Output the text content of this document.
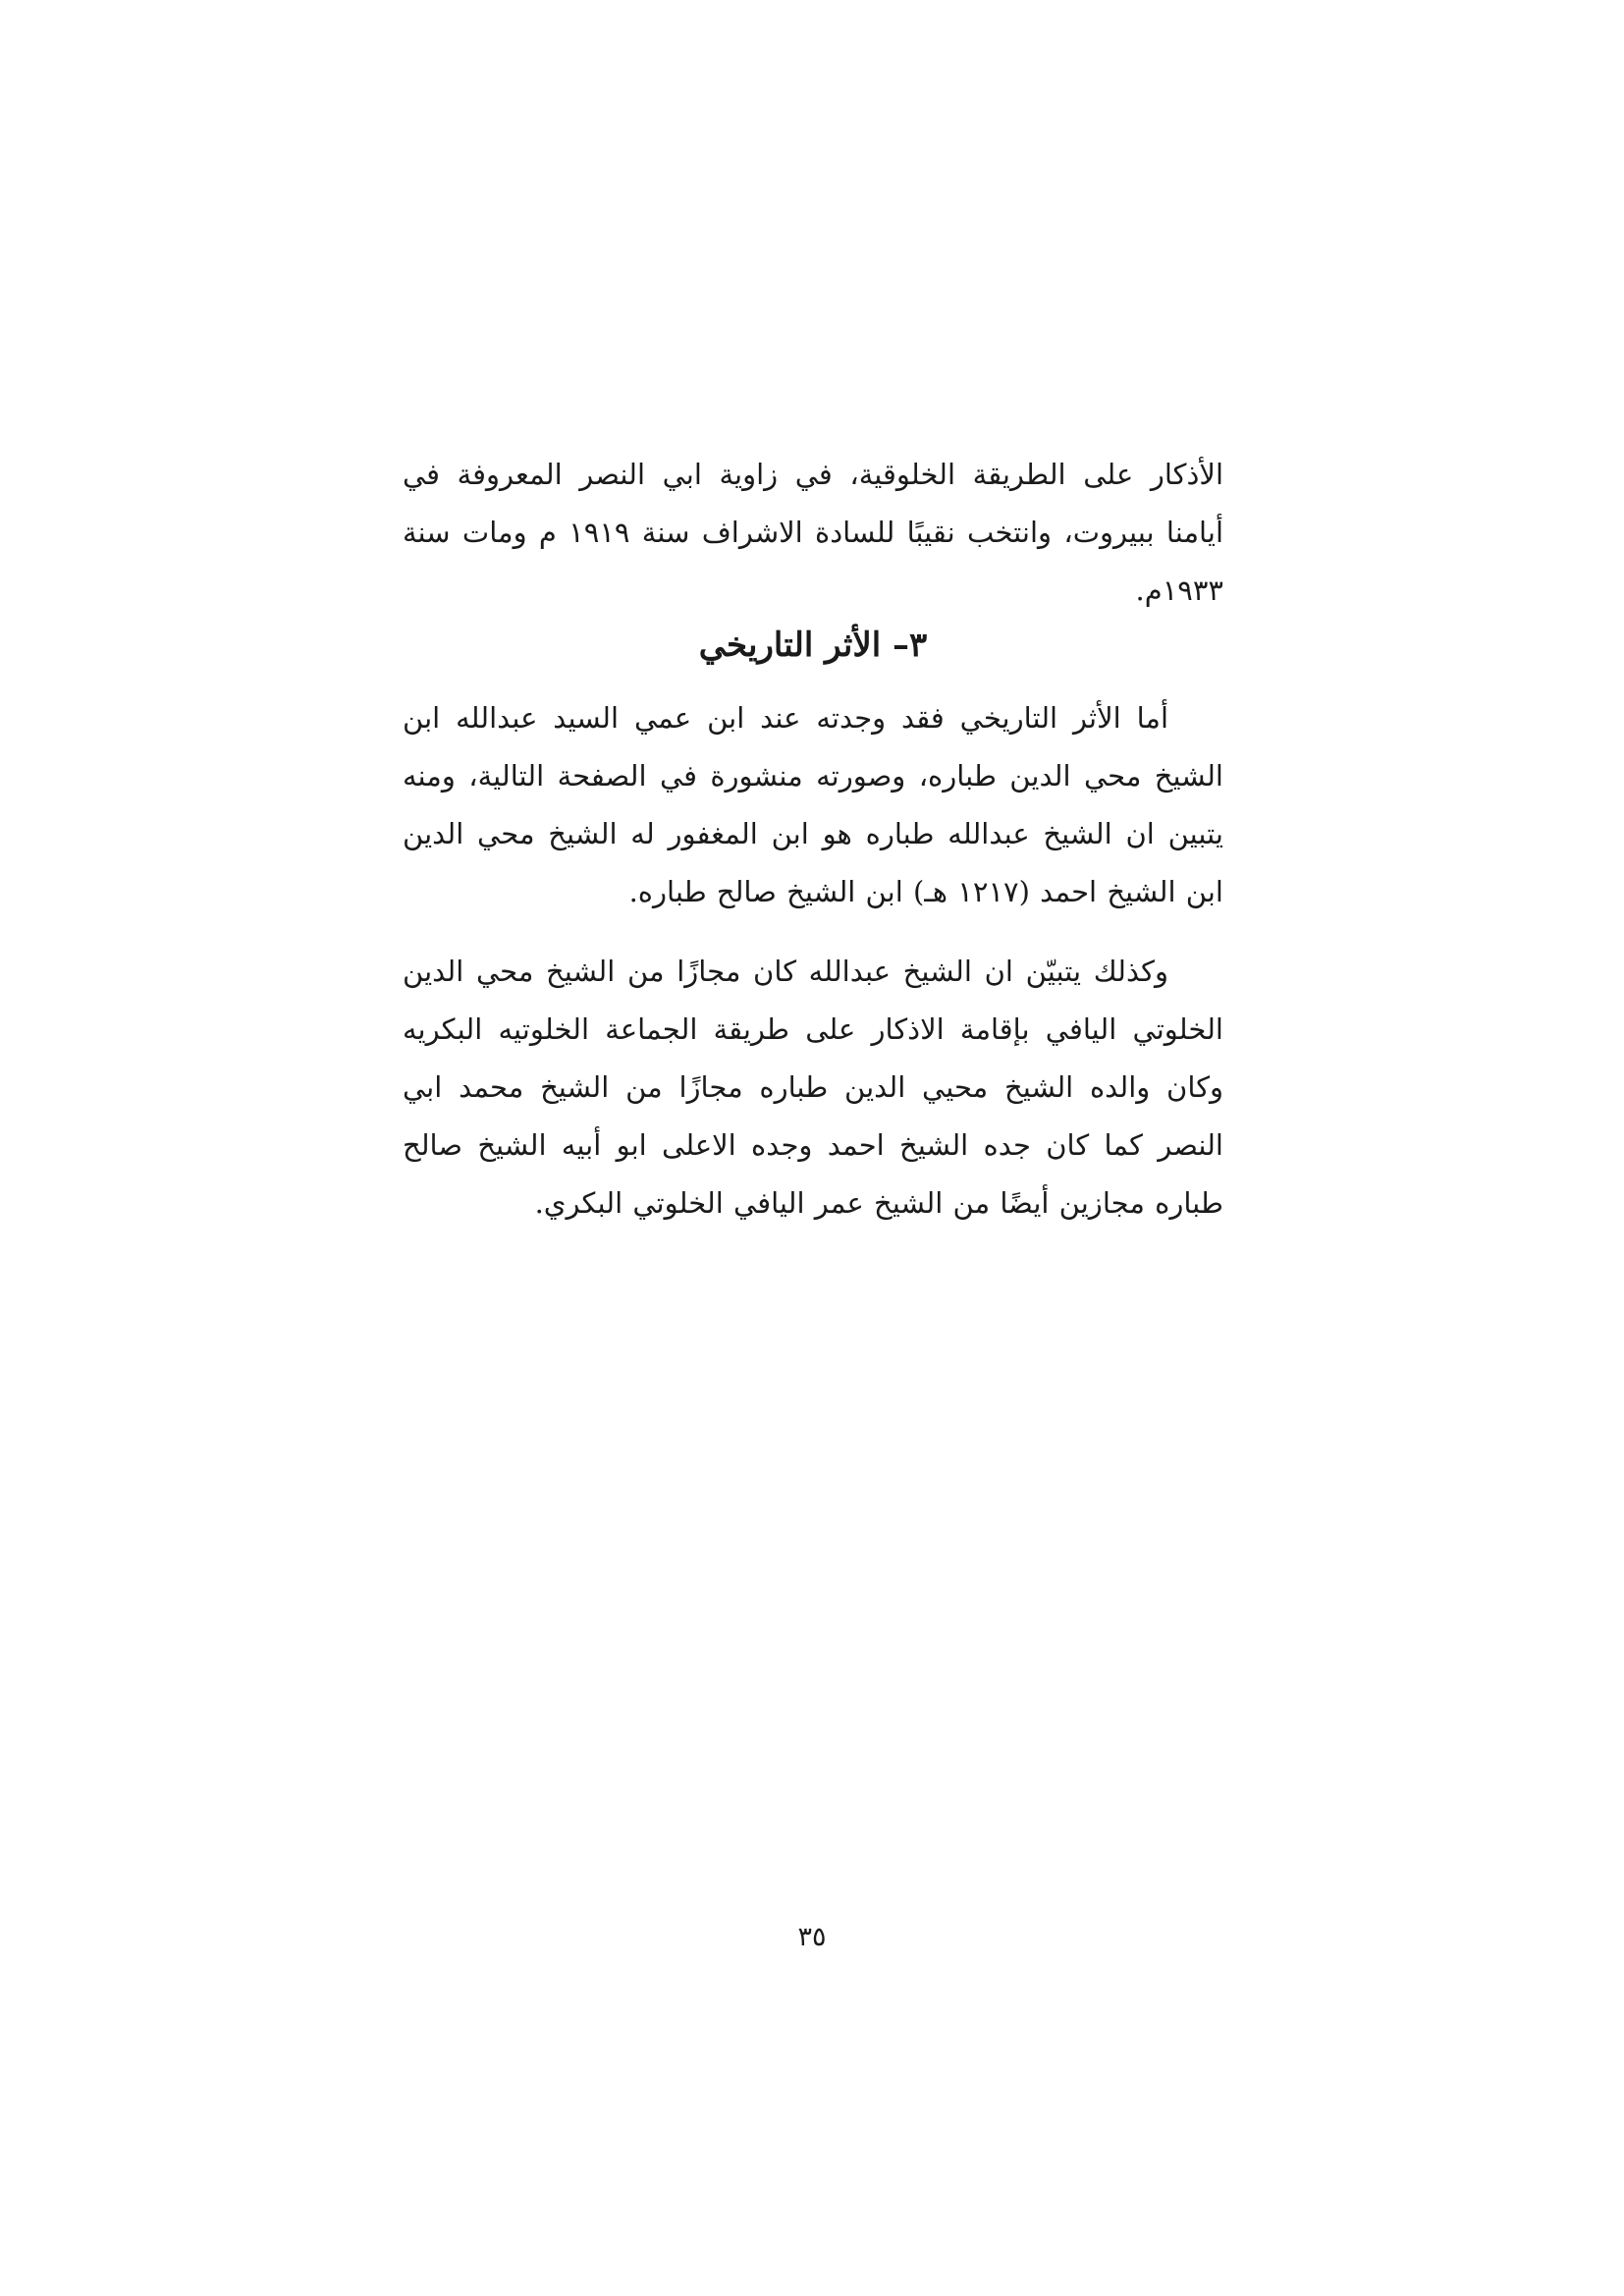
الأذكار على الطريقة الخلوقية، في زاوية ابي النصر المعروفة في أيامنا ببيروت، وانتخب نقيبًا للسادة الاشراف سنة ١٩١٩ م ومات سنة ١٩٣٣م.

٣– الأثر التاريخي

أما الأثر التاريخي فقد وجدته عند ابن عمي السيد عبدالله ابن الشيخ محي الدين طباره، وصورته منشورة في الصفحة التالية، ومنه يتبين ان الشيخ عبدالله طباره هو ابن المغفور له الشيخ محي الدين ابن الشيخ احمد (١٢١٧ هـ) ابن الشيخ صالح طباره.

وكذلك يتبيّن ان الشيخ عبدالله كان مجازًا من الشيخ محي الدين الخلوتي اليافي بإقامة الاذكار على طريقة الجماعة الخلوتيه البكريه وكان والده الشيخ محيي الدين طباره مجازًا من الشيخ محمد ابي النصر كما كان جده الشيخ احمد وجده الاعلى ابو أبيه الشيخ صالح طباره مجازين أيضًا من الشيخ عمر اليافي الخلوتي البكري.

٣٥
